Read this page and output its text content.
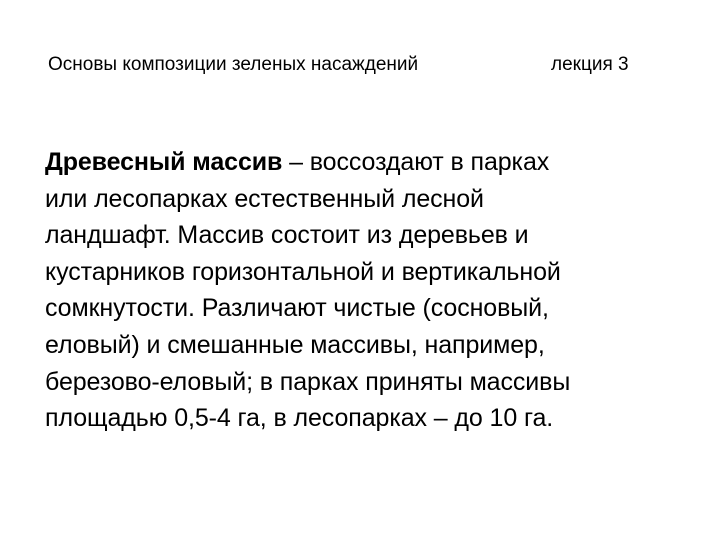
Основы композиции зеленых насаждений	лекция 3
Древесный массив – воссоздают в парках
или лесопарках естественный лесной
ландшафт. Массив состоит из деревьев и
кустарников горизонтальной и вертикальной
сомкнутости. Различают чистые (сосновый,
еловый) и смешанные массивы, например,
березово-еловый; в парках приняты массивы
площадью 0,5-4 га, в лесопарках – до 10 га.
